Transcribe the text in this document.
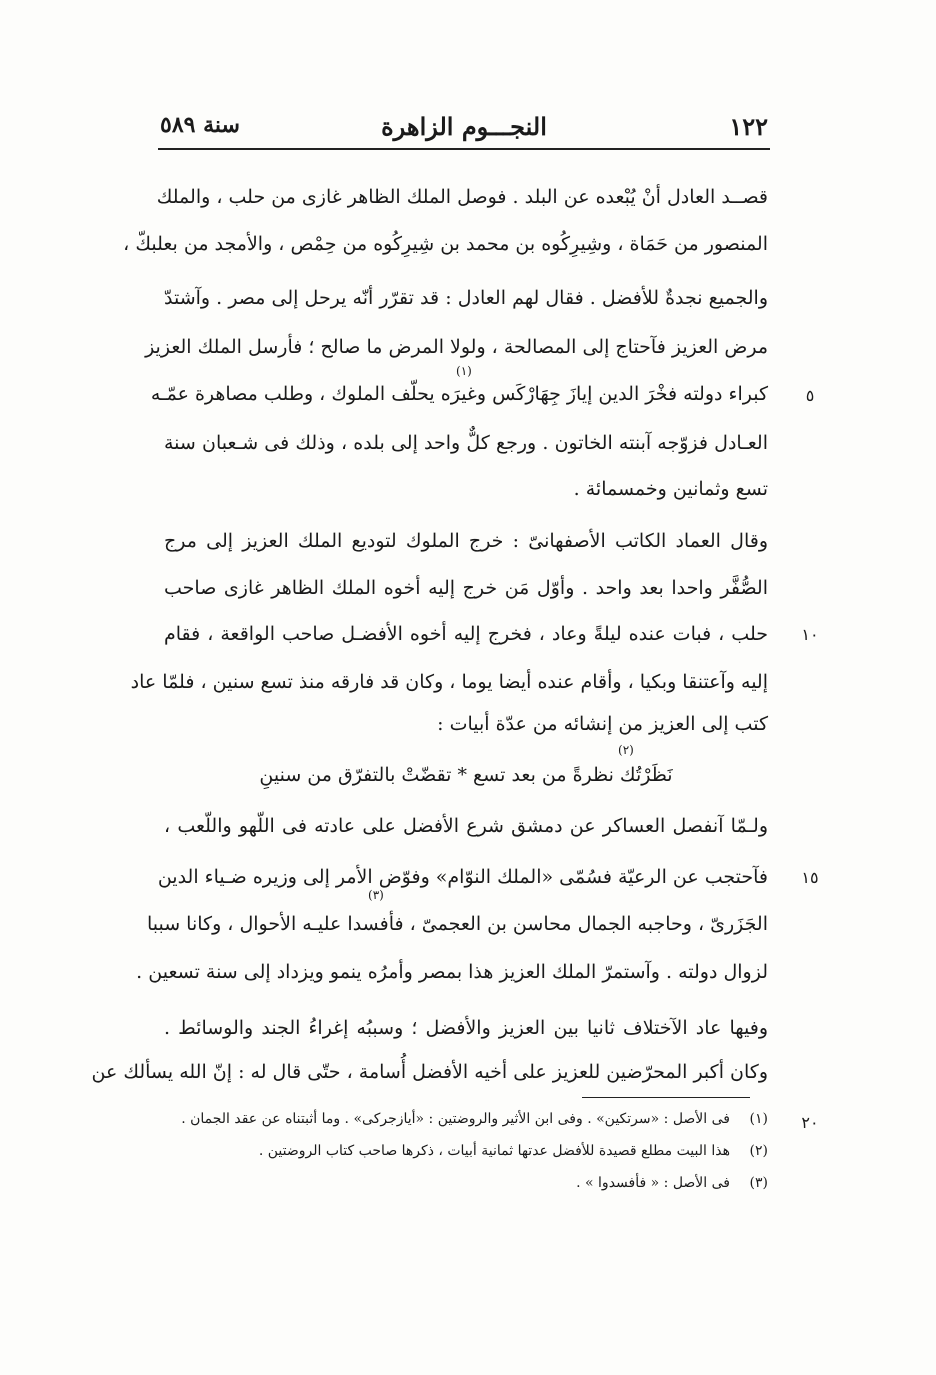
١٢٢
النجـــوم الزاهرة
سنة ٥٨٩
قصــد العادل أنْ يُبْعده عن البلد . فوصل الملك الظاهر غازى من حلب ، والملك
المنصور من حَمَاة ، وشِيرِكُوه بن محمد بن شِيرِكُوه من حِمْص ، والأمجد من بعلبكّ ،
والجميع نجدةٌ للأفضل . فقال لهم العادل : قد تقرّر أنّه يرحل إلى مصر . وآشتدّ
مرض العزيز فآحتاج إلى المصالحة ، ولولا المرض ما صالح ؛ فأرسل الملك العزيز
كبراء دولته فخْرَ الدين إيازَ جِهَارْكَس وغيرَه يحلّف الملوك ، وطلب مصاهرة عمّـه
العـادل فزوّجه آبنته الخاتون . ورجع كلٌّ واحد إلى بلده ، وذلك فى شـعبان سنة
تسع وثمانين وخمسمائة .
وقال العماد الكاتب الأصفهانىّ : خرج الملوك لتوديع الملك العزيز إلى مرج
الصُّفَّر واحدا بعد واحد . وأوّل مَن خرج إليه أخوه الملك الظاهر غازى صاحب
حلب ، فبات عنده ليلةً وعاد ، فخرج إليه أخوه الأفضـل صاحب الواقعة ، فقام
إليه وآعتنقا وبكيا ، وأقام عنده أيضا يوما ، وكان قد فارقه منذ تسع سنين ، فلمّا عاد
كتب إلى العزيز من إنشائه من عدّة أبيات :
نَظَرْتُك نظرةً من بعد تسع * تقضّتْ بالتفرّق من سنينِ
ولـمّا آنفصل العساكر عن دمشق شرع الأفضل على عادته فى اللّهو واللّعب ،
فآحتجب عن الرعيّة فسُمّى «الملك النوّام» وفوّض الأمر إلى وزيره ضـياء الدين
الجَزَرىّ ، وحاجبه الجمال محاسن بن العجمىّ ، فأفسدا عليـه الأحوال ، وكانا سببا
لزوال دولته . وآستمرّ الملك العزيز هذا بمصر وأمرُه ينمو ويزداد إلى سنة تسعين .
وفيها عاد الآختلاف ثانيا بين العزيز والأفضل ؛ وسببُه إغراءُ الجند والوسائط .
وكان أكبر المحرّضين للعزيز على أخيه الأفضل أُسامة ، حتّى قال له : إنّ الله يسألك عن
(١)
(٢)
(٣)
٥
١٠
١٥
٢٠
(١)
فى الأصل : «سرتكين» . وفى ابن الأثير والروضتين : «أيازجركى» . وما أثبتناه عن عقد الجمان .
(٢)
هذا البيت مطلع قصيدة للأفضل عدتها ثمانية أبيات ، ذكرها صاحب كتاب الروضتين .
(٣)
فى الأصل : « فأفسدوا » .
